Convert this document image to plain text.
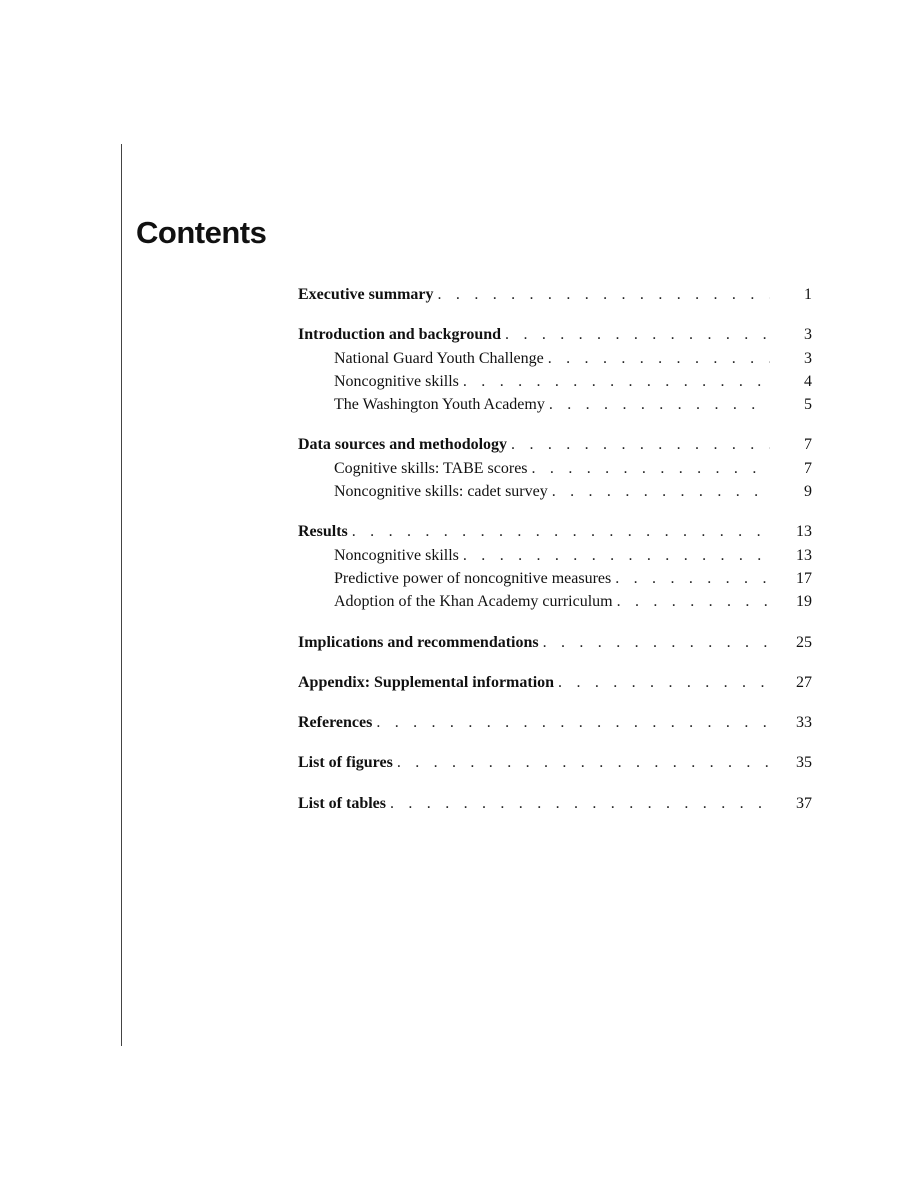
Contents
Executive summary . . .	1
Introduction and background . . .	3
National Guard Youth Challenge . . .	3
Noncognitive skills . . .	4
The Washington Youth Academy . . .	5
Data sources and methodology . . .	7
Cognitive skills: TABE scores . . .	7
Noncognitive skills: cadet survey . . .	9
Results . . .	13
Noncognitive skills . . .	13
Predictive power of noncognitive measures . . .	17
Adoption of the Khan Academy curriculum . . .	19
Implications and recommendations . . .	25
Appendix: Supplemental information . . .	27
References . . .	33
List of figures . . .	35
List of tables . . .	37
